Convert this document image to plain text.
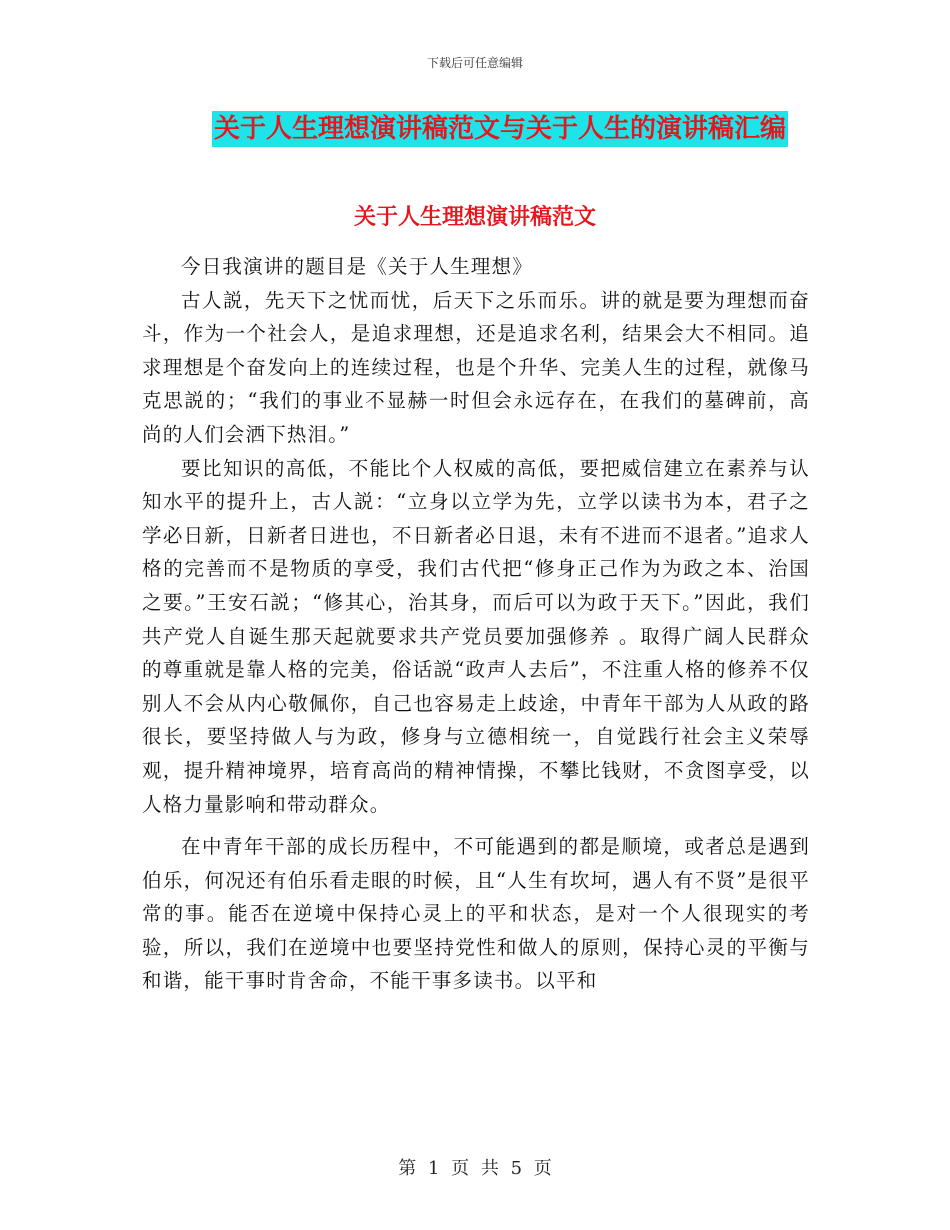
下载后可任意编辑
关于人生理想演讲稿范文与关于人生的演讲稿汇编
关于人生理想演讲稿范文

今日我演讲的题目是《关于人生理想》

古人説，先天下之忧而忧，后天下之乐而乐。讲的就是要为理想而奋斗，作为一个社会人，是追求理想，还是追求名利，结果会大不相同。追求理想是个奋发向上的连续过程，也是个升华、完美人生的过程，就像马克思説的；“我们的事业不显赫一时但会永远存在，在我们的墓碑前，高尚的人们会洒下热泪。”

要比知识的高低，不能比个人权威的高低，要把威信建立在素养与认知水平的提升上，古人説：“立身以立学为先，立学以读书为本，君子之学必日新，日新者日进也，不日新者必日退，未有不进而不退者。”追求人格的完善而不是物质的享受，我们古代把“修身正己作为为政之本、治国之要。”王安石説；“修其心，治其身，而后可以为政于天下。”因此，我们共产党人自诞生那天起就要求共产党员要加强修养 。取得广阔人民群众的尊重就是靠人格的完美，俗话説“政声人去后”，不注重人格的修养不仅别人不会从内心敬佩你，自己也容易走上歧途，中青年干部为人从政的路很长，要坚持做人与为政，修身与立德相统一，自觉践行社会主义荣辱观，提升精神境界，培育高尚的精神情操，不攀比钱财，不贪图享受，以人格力量影响和带动群众。

在中青年干部的成长历程中，不可能遇到的都是顺境，或者总是遇到伯乐，何况还有伯乐看走眼的时候，且“人生有坎坷，遇人有不贤”是很平常的事。能否在逆境中保持心灵上的平和状态，是对一个人很现实的考验，所以，我们在逆境中也要坚持党性和做人的原则，保持心灵的平衡与和谐，能干事时肯舍命，不能干事多读书。以平和

第 1 页 共 5 页
